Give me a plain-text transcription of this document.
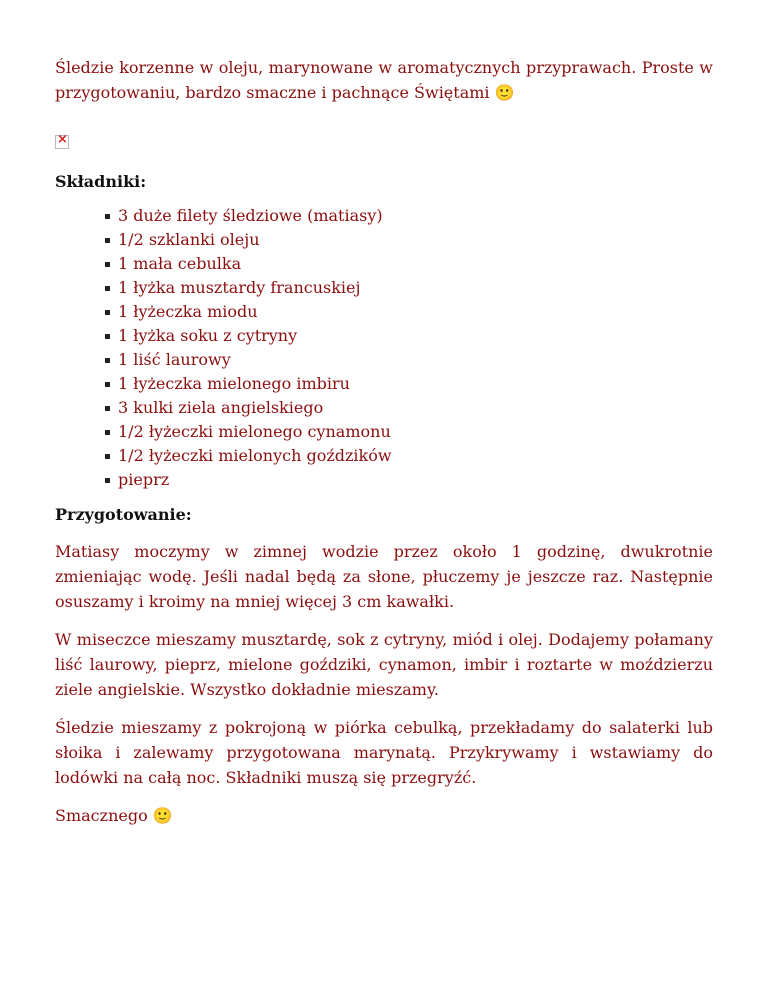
Śledzie korzenne w oleju, marynowane w aromatycznych przyprawach. Proste w przygotowaniu, bardzo smaczne i pachnące Świętami 🙂

×
Składniki:
3 duże filety śledziowe (matiasy)
1/2 szklanki oleju
1 mała cebulka
1 łyżka musztardy francuskiej
1 łyżeczka miodu
1 łyżka soku z cytryny
1 liść laurowy
1 łyżeczka mielonego imbiru
3 kulki ziela angielskiego
1/2 łyżeczki mielonego cynamonu
1/2 łyżeczki mielonych goździków
pieprz
Przygotowanie:

Matiasy moczymy w zimnej wodzie przez około 1 godzinę, dwukrotnie zmieniając wodę. Jeśli nadal będą za słone, płuczemy je jeszcze raz. Następnie osuszamy i kroimy na mniej więcej 3 cm kawałki.

W miseczce mieszamy musztardę, sok z cytryny, miód i olej. Dodajemy połamany liść laurowy, pieprz, mielone goździki, cynamon, imbir i roztarte w moździerzu ziele angielskie. Wszystko dokładnie mieszamy.

Śledzie mieszamy z pokrojoną w piórka cebulką, przekładamy do salaterki lub słoika i zalewamy przygotowana marynatą. Przykrywamy i wstawiamy do lodówki na całą noc. Składniki muszą się przegryźć.

Smacznego 🙂
